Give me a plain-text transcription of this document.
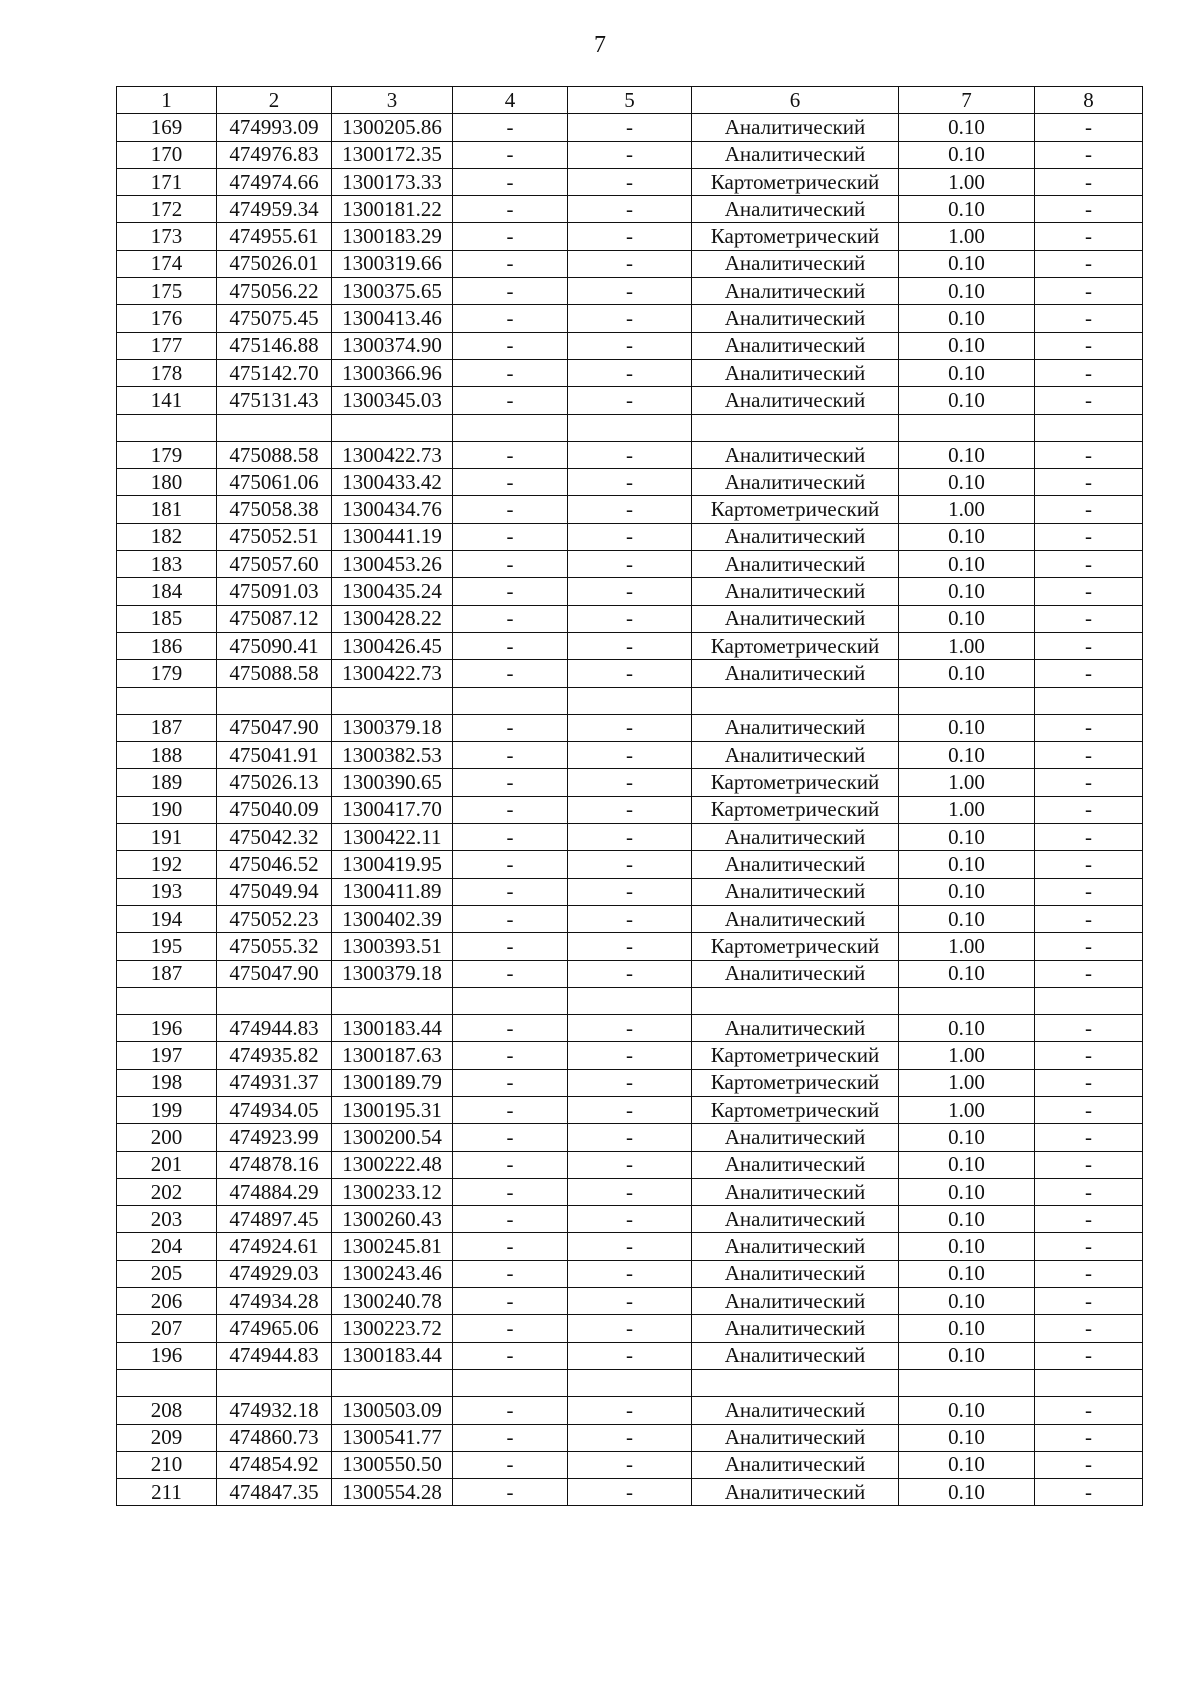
7
1	2	3	4	5	6	7	8
169	474993.09	1300205.86	-	-	Аналитический	0.10	-
170	474976.83	1300172.35	-	-	Аналитический	0.10	-
171	474974.66	1300173.33	-	-	Картометрический	1.00	-
172	474959.34	1300181.22	-	-	Аналитический	0.10	-
173	474955.61	1300183.29	-	-	Картометрический	1.00	-
174	475026.01	1300319.66	-	-	Аналитический	0.10	-
175	475056.22	1300375.65	-	-	Аналитический	0.10	-
176	475075.45	1300413.46	-	-	Аналитический	0.10	-
177	475146.88	1300374.90	-	-	Аналитический	0.10	-
178	475142.70	1300366.96	-	-	Аналитический	0.10	-
141	475131.43	1300345.03	-	-	Аналитический	0.10	-

179	475088.58	1300422.73	-	-	Аналитический	0.10	-
180	475061.06	1300433.42	-	-	Аналитический	0.10	-
181	475058.38	1300434.76	-	-	Картометрический	1.00	-
182	475052.51	1300441.19	-	-	Аналитический	0.10	-
183	475057.60	1300453.26	-	-	Аналитический	0.10	-
184	475091.03	1300435.24	-	-	Аналитический	0.10	-
185	475087.12	1300428.22	-	-	Аналитический	0.10	-
186	475090.41	1300426.45	-	-	Картометрический	1.00	-
179	475088.58	1300422.73	-	-	Аналитический	0.10	-

187	475047.90	1300379.18	-	-	Аналитический	0.10	-
188	475041.91	1300382.53	-	-	Аналитический	0.10	-
189	475026.13	1300390.65	-	-	Картометрический	1.00	-
190	475040.09	1300417.70	-	-	Картометрический	1.00	-
191	475042.32	1300422.11	-	-	Аналитический	0.10	-
192	475046.52	1300419.95	-	-	Аналитический	0.10	-
193	475049.94	1300411.89	-	-	Аналитический	0.10	-
194	475052.23	1300402.39	-	-	Аналитический	0.10	-
195	475055.32	1300393.51	-	-	Картометрический	1.00	-
187	475047.90	1300379.18	-	-	Аналитический	0.10	-

196	474944.83	1300183.44	-	-	Аналитический	0.10	-
197	474935.82	1300187.63	-	-	Картометрический	1.00	-
198	474931.37	1300189.79	-	-	Картометрический	1.00	-
199	474934.05	1300195.31	-	-	Картометрический	1.00	-
200	474923.99	1300200.54	-	-	Аналитический	0.10	-
201	474878.16	1300222.48	-	-	Аналитический	0.10	-
202	474884.29	1300233.12	-	-	Аналитический	0.10	-
203	474897.45	1300260.43	-	-	Аналитический	0.10	-
204	474924.61	1300245.81	-	-	Аналитический	0.10	-
205	474929.03	1300243.46	-	-	Аналитический	0.10	-
206	474934.28	1300240.78	-	-	Аналитический	0.10	-
207	474965.06	1300223.72	-	-	Аналитический	0.10	-
196	474944.83	1300183.44	-	-	Аналитический	0.10	-

208	474932.18	1300503.09	-	-	Аналитический	0.10	-
209	474860.73	1300541.77	-	-	Аналитический	0.10	-
210	474854.92	1300550.50	-	-	Аналитический	0.10	-
211	474847.35	1300554.28	-	-	Аналитический	0.10	-
